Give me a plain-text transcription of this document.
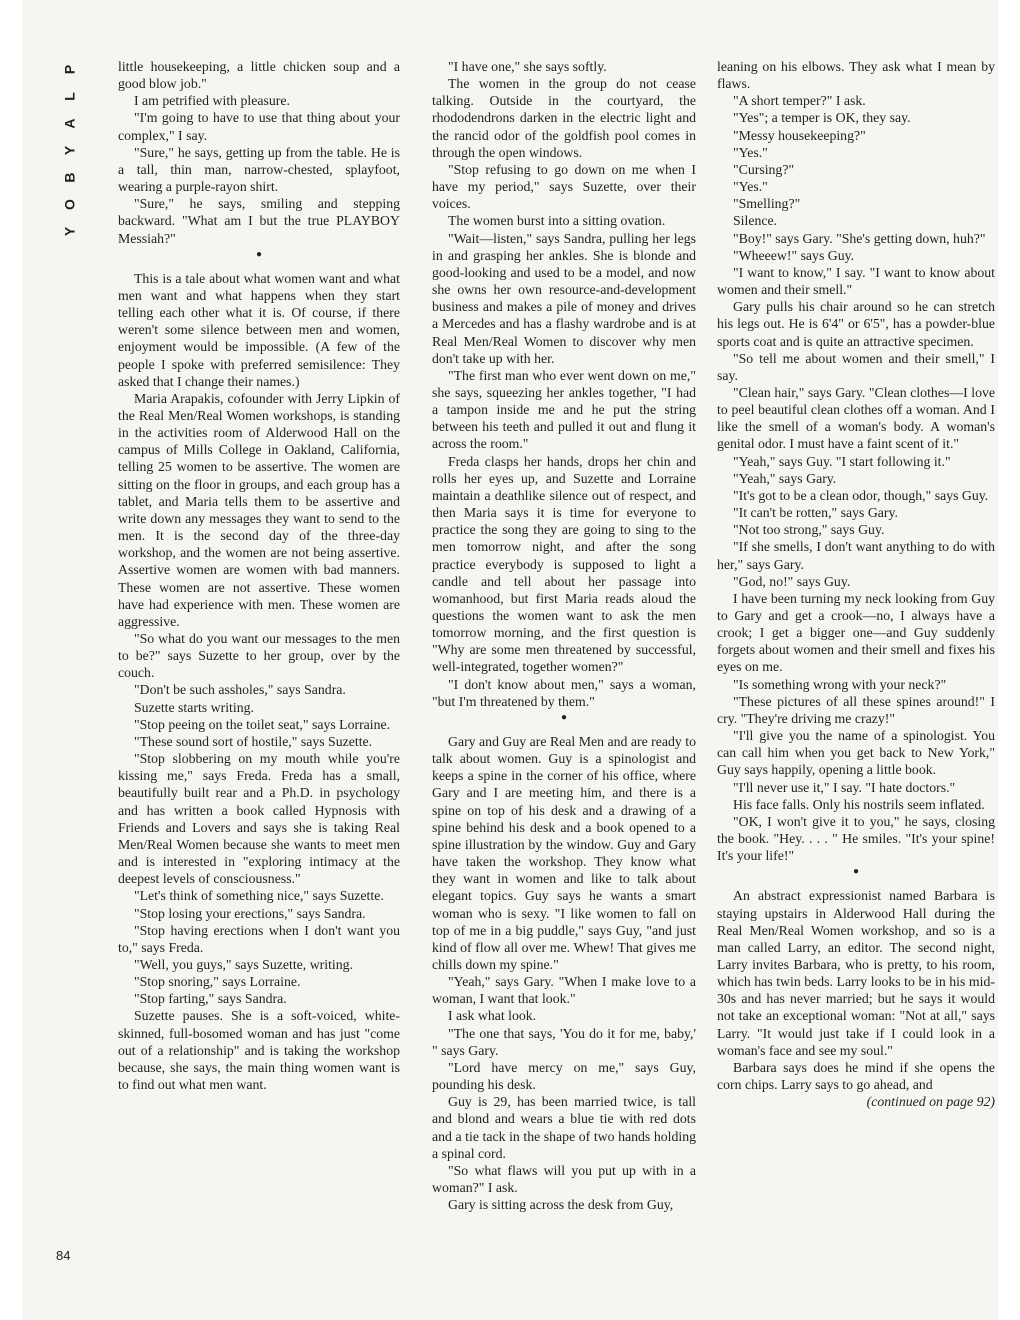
P
L
A
Y
B
O
Y

little housekeeping, a little chicken soup and a good blow job."

I am petrified with pleasure.

"I'm going to have to use that thing about your complex," I say.

"Sure," he says, getting up from the table. He is a tall, thin man, narrow-chested, splayfoot, wearing a purple-rayon shirt.

"Sure," he says, smiling and stepping backward. "What am I but the true PLAYBOY Messiah?"

●

This is a tale about what women want and what men want and what happens when they start telling each other what it is. Of course, if there weren't some silence between men and women, enjoyment would be impossible. (A few of the people I spoke with preferred semisilence: They asked that I change their names.)

Maria Arapakis, cofounder with Jerry Lipkin of the Real Men/Real Women workshops, is standing in the activities room of Alderwood Hall on the campus of Mills College in Oakland, California, telling 25 women to be assertive. The women are sitting on the floor in groups, and each group has a tablet, and Maria tells them to be assertive and write down any messages they want to send to the men. It is the second day of the three-day workshop, and the women are not being assertive. Assertive women are women with bad manners. These women are not assertive. These women have had experience with men. These women are aggressive.

"So what do you want our messages to the men to be?" says Suzette to her group, over by the couch.

"Don't be such assholes," says Sandra.

Suzette starts writing.

"Stop peeing on the toilet seat," says Lorraine.

"These sound sort of hostile," says Suzette.

"Stop slobbering on my mouth while you're kissing me," says Freda. Freda has a small, beautifully built rear and a Ph.D. in psychology and has written a book called Hypnosis with Friends and Lovers and says she is taking Real Men/Real Women because she wants to meet men and is interested in "exploring intimacy at the deepest levels of consciousness."

"Let's think of something nice," says Suzette.

"Stop losing your erections," says Sandra.

"Stop having erections when I don't want you to," says Freda.

"Well, you guys," says Suzette, writing.

"Stop snoring," says Lorraine.

"Stop farting," says Sandra.

Suzette pauses. She is a soft-voiced, white-skinned, full-bosomed woman and has just "come out of a relationship" and is taking the workshop because, she says, the main thing women want is to find out what men want.

"I have one," she says softly.

The women in the group do not cease talking. Outside in the courtyard, the rhododendrons darken in the electric light and the rancid odor of the goldfish pool comes in through the open windows.

"Stop refusing to go down on me when I have my period," says Suzette, over their voices.

The women burst into a sitting ovation.

"Wait—listen," says Sandra, pulling her legs in and grasping her ankles. She is blonde and good-looking and used to be a model, and now she owns her own resource-and-development business and makes a pile of money and drives a Mercedes and has a flashy wardrobe and is at Real Men/Real Women to discover why men don't take up with her.

"The first man who ever went down on me," she says, squeezing her ankles together, "I had a tampon inside me and he put the string between his teeth and pulled it out and flung it across the room."

Freda clasps her hands, drops her chin and rolls her eyes up, and Suzette and Lorraine maintain a deathlike silence out of respect, and then Maria says it is time for everyone to practice the song they are going to sing to the men tomorrow night, and after the song practice everybody is supposed to light a candle and tell about her passage into womanhood, but first Maria reads aloud the questions the women want to ask the men tomorrow morning, and the first question is "Why are some men threatened by successful, well-integrated, together women?"

"I don't know about men," says a woman, "but I'm threatened by them."

●

Gary and Guy are Real Men and are ready to talk about women. Guy is a spinologist and keeps a spine in the corner of his office, where Gary and I are meeting him, and there is a spine on top of his desk and a drawing of a spine behind his desk and a book opened to a spine illustration by the window. Guy and Gary have taken the workshop. They know what they want in women and like to talk about elegant topics. Guy says he wants a smart woman who is sexy. "I like women to fall on top of me in a big puddle," says Guy, "and just kind of flow all over me. Whew! That gives me chills down my spine."

"Yeah," says Gary. "When I make love to a woman, I want that look."

I ask what look.

"The one that says, 'You do it for me, baby,' " says Gary.

"Lord have mercy on me," says Guy, pounding his desk.

Guy is 29, has been married twice, is tall and blond and wears a blue tie with red dots and a tie tack in the shape of two hands holding a spinal cord.

"So what flaws will you put up with in a woman?" I ask.

Gary is sitting across the desk from Guy,

leaning on his elbows. They ask what I mean by flaws.

"A short temper?" I ask.

"Yes"; a temper is OK, they say.

"Messy housekeeping?"

"Yes."

"Cursing?"

"Yes."

"Smelling?"

Silence.

"Boy!" says Gary. "She's getting down, huh?"

"Wheeew!" says Guy.

"I want to know," I say. "I want to know about women and their smell."

Gary pulls his chair around so he can stretch his legs out. He is 6'4" or 6'5", has a powder-blue sports coat and is quite an attractive specimen.

"So tell me about women and their smell," I say.

"Clean hair," says Gary. "Clean clothes—I love to peel beautiful clean clothes off a woman. And I like the smell of a woman's body. A woman's genital odor. I must have a faint scent of it."

"Yeah," says Guy. "I start following it."

"Yeah," says Gary.

"It's got to be a clean odor, though," says Guy.

"It can't be rotten," says Gary.

"Not too strong," says Guy.

"If she smells, I don't want anything to do with her," says Gary.

"God, no!" says Guy.

I have been turning my neck looking from Guy to Gary and get a crook—no, I always have a crook; I get a bigger one—and Guy suddenly forgets about women and their smell and fixes his eyes on me.

"Is something wrong with your neck?"

"These pictures of all these spines around!" I cry. "They're driving me crazy!"

"I'll give you the name of a spinologist. You can call him when you get back to New York," Guy says happily, opening a little book.

"I'll never use it," I say. "I hate doctors."

His face falls. Only his nostrils seem inflated.

"OK, I won't give it to you," he says, closing the book. "Hey. . . . " He smiles. "It's your spine! It's your life!"

●

An abstract expressionist named Barbara is staying upstairs in Alderwood Hall during the Real Men/Real Women workshop, and so is a man called Larry, an editor. The second night, Larry invites Barbara, who is pretty, to his room, which has twin beds. Larry looks to be in his mid-30s and has never married; but he says it would not take an exceptional woman: "Not at all," says Larry. "It would just take if I could look in a woman's face and see my soul."

Barbara says does he mind if she opens the corn chips. Larry says to go ahead, and

(continued on page 92)

84
